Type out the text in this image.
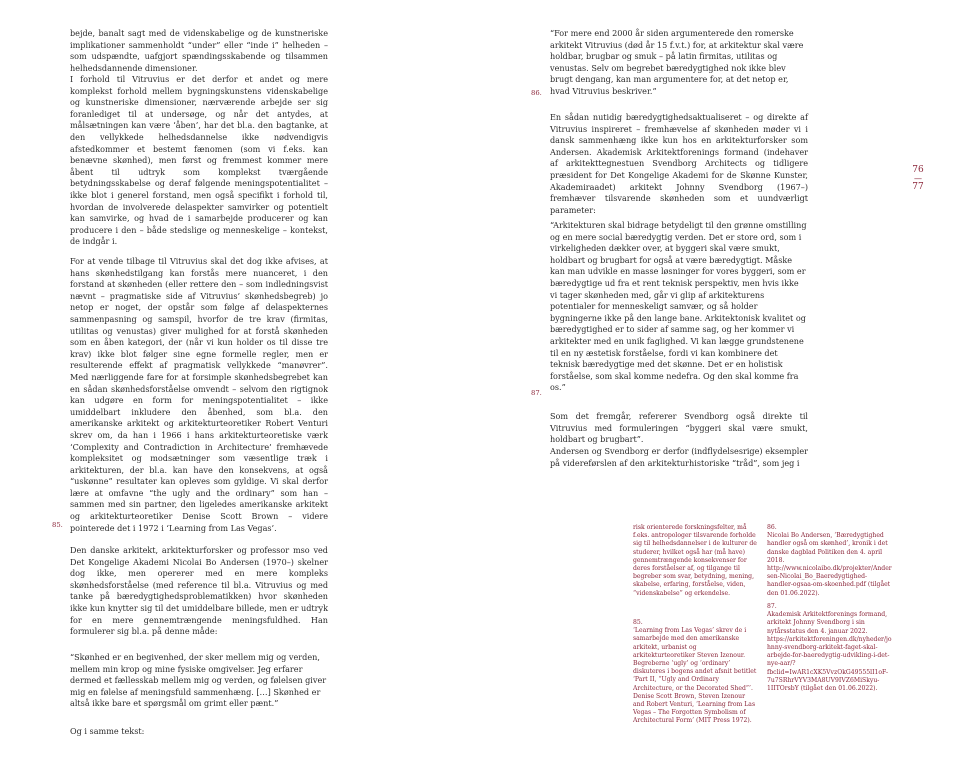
bejde, banalt sagt med de videnskabelige og de kunstneriske implikationer sammenholdt “under” eller “inde i” helheden – som udspændte, uafgjort spændingsskabende og tilsammen helhedsdannende dimensioner.

I forhold til Vitruvius er det derfor et andet og mere komplekst forhold mellem bygningskunstens videnskabelige og kunstneriske dimensioner, nærværende arbejde ser sig foranlediget til at undersøge, og når det antydes, at målsætningen kan være ‘åben’, har det bl.a. den bagtanke, at den vellykkede helhedsdannelse ikke nødvendigvis afstedkommer et bestemt fænomen (som vi f.eks. kan benævne skønhed), men først og fremmest kommer mere åbent til udtryk som komplekst tværgående betydningsskabelse og deraf følgende meningspotentialitet – ikke blot i generel forstand, men også specifikt i forhold til, hvordan de involverede delaspekter samvirker og potentielt kan samvirke, og hvad de i samarbejde producerer og kan producere i den – både stedslige og menneskelige – kontekst, de indgår i.

For at vende tilbage til Vitruvius skal det dog ikke afvises, at hans skønhedstilgang kan forstås mere nuanceret, i den forstand at skønheden (eller rettere den – som indledningsvist nævnt – pragmatiske side af Vitruvius’ skønhedsbegreb) jo netop er noget, der opstår som følge af delaspekternes sammenpasning og samspil, hvorfor de tre krav (firmitas, utilitas og venustas) giver mulighed for at forstå skønheden som en åben kategori, der (når vi kun holder os til disse tre krav) ikke blot følger sine egne formelle regler, men er resulterende effekt af pragmatisk vellykkede “manøvrer”. Med nærliggende fare for at forsimple skønhedsbegrebet kan en sådan skønhedsforståelse omvendt – selvom den rigtignok kan udgøre en form for meningspotentialitet – ikke umiddelbart inkludere den åbenhed, som bl.a. den amerikanske arkitekt og arkitekturteoretiker Robert Venturi skrev om, da han i 1966 i hans arkitekturteoretiske værk ‘Complexity and Contradiction in Architecture’ fremhævede kompleksitet og modsætninger som væsentlige træk i arkitekturen, der bl.a. kan have den konsekvens, at også “uskønne” resultater kan opleves som gyldige. Vi skal derfor lære at omfavne “the ugly and the ordinary” som han – sammen med sin partner, den ligeledes amerikanske arkitekt og arkitekturteoretiker Denise Scott Brown – videre pointerede det i 1972 i ‘Learning from Las Vegas’.

85.

Den danske arkitekt, arkitekturforsker og professor mso ved Det Kongelige Akademi Nicolai Bo Andersen (1970–) skelner dog ikke, men opererer med en mere kompleks skønhedsforståelse (med reference til bl.a. Vitruvius og med tanke på bæredygtighedsproblematikken) hvor skønheden ikke kun knytter sig til det umiddelbare billede, men er udtryk for en mere gennemtrængende meningsfuldhed. Han formulerer sig bl.a. på denne måde:

“Skønhed er en begivenhed, der sker mellem mig og verden, mellem min krop og mine fysiske omgivelser. Jeg erfarer dermed et fællesskab mellem mig og verden, og følelsen giver mig en følelse af meningsfuld sammenhæng. […] Skønhed er altså ikke bare et spørgsmål om grimt eller pænt.”

Og i samme tekst:

“For mere end 2000 år siden argumenterede den romerske arkitekt Vitruvius (død år 15 f.v.t.) for, at arkitektur skal være holdbar, brugbar og smuk – på latin firmitas, utilitas og venustas. Selv om begrebet bæredygtighed nok ikke blev brugt dengang, kan man argumentere for, at det netop er, hvad Vitruvius beskriver.”

86.

En sådan nutidig bæredygtighedsaktualiseret – og direkte af Vitruvius inspireret – fremhævelse af skønheden møder vi i dansk sammenhæng ikke kun hos en arkitekturforsker som Andersen. Akademisk Arkitektforenings formand (indehaver af arkitekttegnestuen Svendborg Architects og tidligere præsident for Det Kongelige Akademi for de Skønne Kunster, Akademiraadet) arkitekt Johnny Svendborg (1967–) fremhæver tilsvarende skønheden som et uundværligt parameter:

“Arkitekturen skal bidrage betydeligt til den grønne omstilling og en mere social bæredygtig verden. Det er store ord, som i virkeligheden dækker over, at byggeri skal være smukt, holdbart og brugbart for også at være bæredygtigt. Måske kan man udvikle en masse løsninger for vores byggeri, som er bæredygtige ud fra et rent teknisk perspektiv, men hvis ikke vi tager skønheden med, går vi glip af arkitekturens potentialer for menneskeligt samvær, og så holder bygningerne ikke på den lange bane. Arkitektonisk kvalitet og bæredygtighed er to sider af samme sag, og her kommer vi arkitekter med en unik faglighed. Vi kan lægge grundstenene til en ny æstetisk forståelse, fordi vi kan kombinere det teknisk bæredygtige med det skønne. Det er en holistisk forståelse, som skal komme nedefra. Og den skal komme fra os.”

87.

Som det fremgår, refererer Svendborg også direkte til Vitruvius med formuleringen “byggeri skal være smukt, holdbart og brugbart”.

Andersen og Svendborg er derfor (indflydelsesrige) eksempler på videreførslen af den arkitekturhistoriske “tråd”, som jeg i

76
—
77

risk orienterede forskningsfelter, må f.eks. antropologer tilsvarende forholde sig til helhedsdannelser i de kulturer de studerer, hvilket også har (må have) gennemtrængende konsekvenser for deres forståelser af, og tilgange til begreber som svar, betydning, mening, skabelse, erfaring, forståelse, viden, “videnskabelse” og erkendelse.

85.
‘Learning from Las Vegas’ skrev de i samarbejde med den amerikanske arkitekt, urbanist og arkitekturteoretiker Steven Izenour. Begreberne ‘ugly’ og ‘ordinary’ diskuteres i bogens andet afsnit betitlet ‘Part II, “Ugly and Ordinary Architecture, or the Decorated Shed”’. Denise Scott Brown, Steven Izenour and Robert Venturi, ‘Learning from Las Vegas – The Forgotten Symbolism of Architectural Form’ (MIT Press 1972).
86.
Nicolai Bo Andersen, ‘Bæredygtighed handler også om skønhed’, kronik i det danske dagblad Politiken den 4. april 2018. http://www.nicolaibo.dk/projekter/Andersen-Nicolai_Bo_Baeredygtighed-handler-ogsaa-om-skoenhed.pdf (tilgået den 01.06.2022).
87.
Akademisk Arkitektforenings formand, arkitekt Johnny Svendborg i sin nytårsstatus den 4. januar 2022. https://arkitektforeningen.dk/nyheder/johnny-svendborg-arkitekt-faget-skal-arbejde-for-baeredygtig-udvikling-i-det-nye-aar/?fbclid=IwAR1cXK5VvzOkG49555lI1oF-7u7SRhrVYV3MA8UV9IVZ6MiSkyu-1IITOrsbY (tilgået den 01.06.2022).
